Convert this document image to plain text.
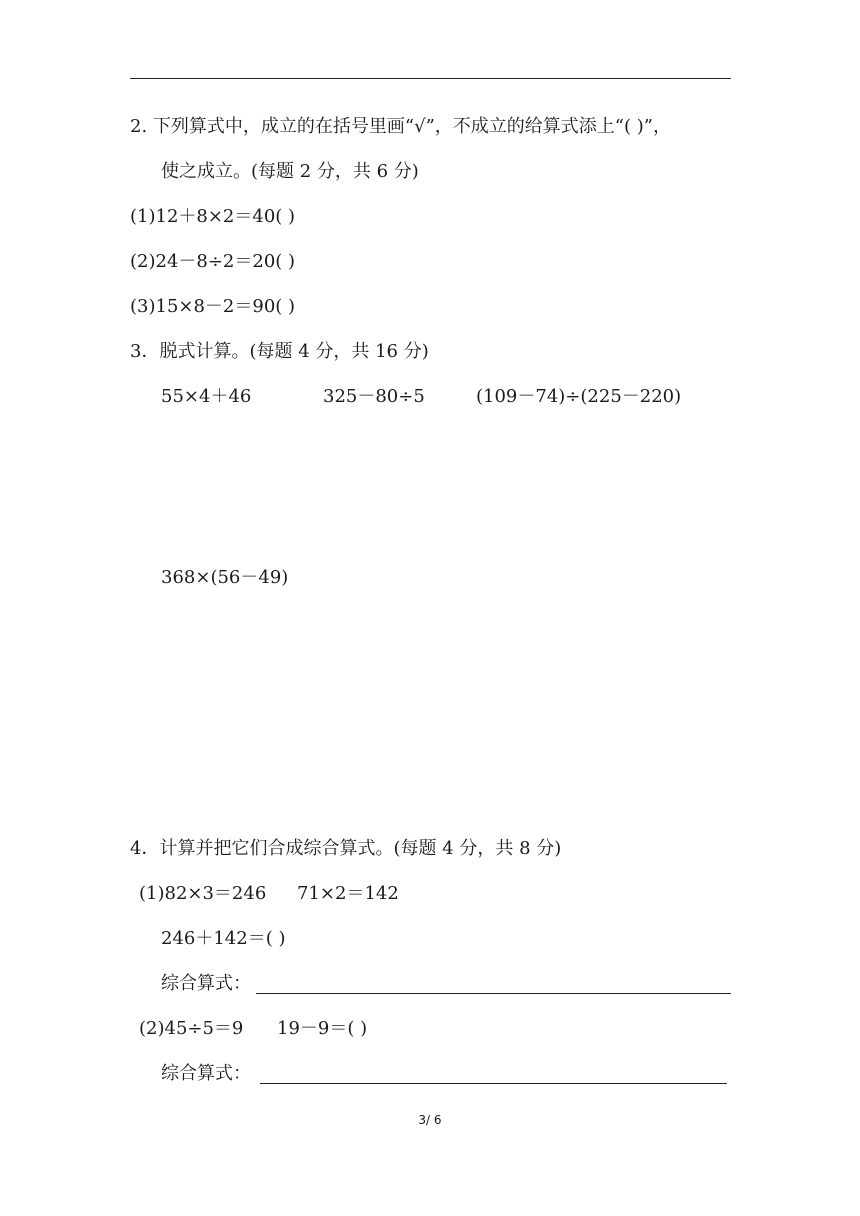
2. 下列算式中，成立的在括号里画“√”，不成立的给算式添上“( )”，
使之成立。(每题 2 分，共 6 分)
(1)12＋8×2＝40( )
(2)24－8÷2＝20( )
(3)15×8－2＝90( )
3．脱式计算。(每题 4 分，共 16 分)
55×4＋46	325－80÷5	(109－74)÷(225－220)
368×(56－49)
4．计算并把它们合成综合算式。(每题 4 分，共 8 分)
(1)82×3＝246 71×2＝142
246＋142＝( )
综合算式：
(2)45÷5＝9 19－9＝( )
综合算式：
3/ 6
